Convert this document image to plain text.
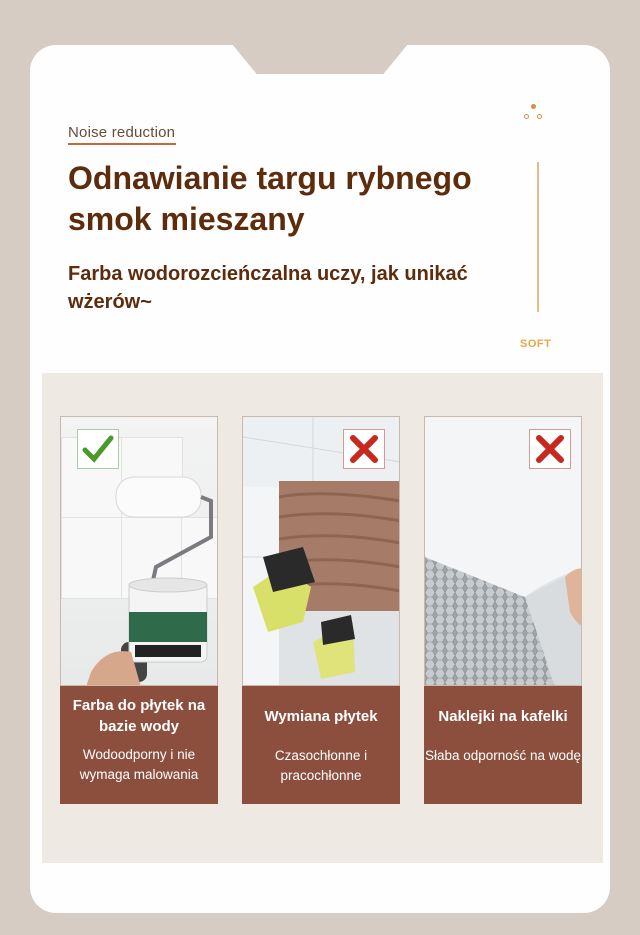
Noise reduction
Odnawianie targu rybnego smok mieszany
Farba wodorozcieńczalna uczy, jak unikać wżerów~
SOFT
Farba do płytek na bazie wody
Wodoodporny i nie wymaga malowania
Wymiana płytek
Czasochłonne i pracochłonne
Naklejki na kafelki
Słaba odporność na wodę
